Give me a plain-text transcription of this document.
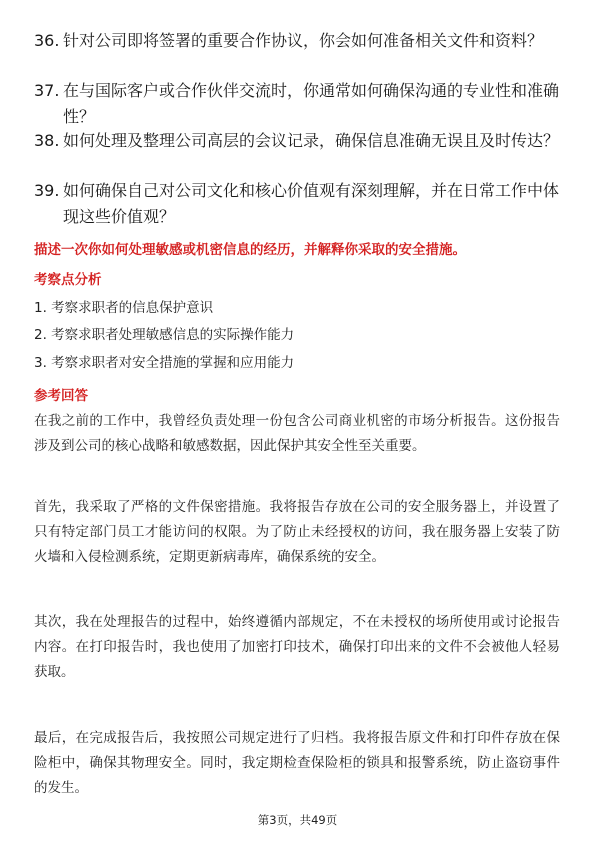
36. 针对公司即将签署的重要合作协议，你会如何准备相关文件和资料？
37. 在与国际客户或合作伙伴交流时，你通常如何确保沟通的专业性和准确性？
38. 如何处理及整理公司高层的会议记录，确保信息准确无误且及时传达？
39. 如何确保自己对公司文化和核心价值观有深刻理解，并在日常工作中体现这些价值观？
描述一次你如何处理敏感或机密信息的经历，并解释你采取的安全措施。
考察点分析
1. 考察求职者的信息保护意识
2. 考察求职者处理敏感信息的实际操作能力
3. 考察求职者对安全措施的掌握和应用能力
参考回答
在我之前的工作中，我曾经负责处理一份包含公司商业机密的市场分析报告。这份报告涉及到公司的核心战略和敏感数据，因此保护其安全性至关重要。
首先，我采取了严格的文件保密措施。我将报告存放在公司的安全服务器上，并设置了只有特定部门员工才能访问的权限。为了防止未经授权的访问，我在服务器上安装了防火墙和入侵检测系统，定期更新病毒库，确保系统的安全。
其次，我在处理报告的过程中，始终遵循内部规定，不在未授权的场所使用或讨论报告内容。在打印报告时，我也使用了加密打印技术，确保打印出来的文件不会被他人轻易获取。
最后，在完成报告后，我按照公司规定进行了归档。我将报告原文件和打印件存放在保险柜中，确保其物理安全。同时，我定期检查保险柜的锁具和报警系统，防止盗窃事件的发生。
第3页，共49页
